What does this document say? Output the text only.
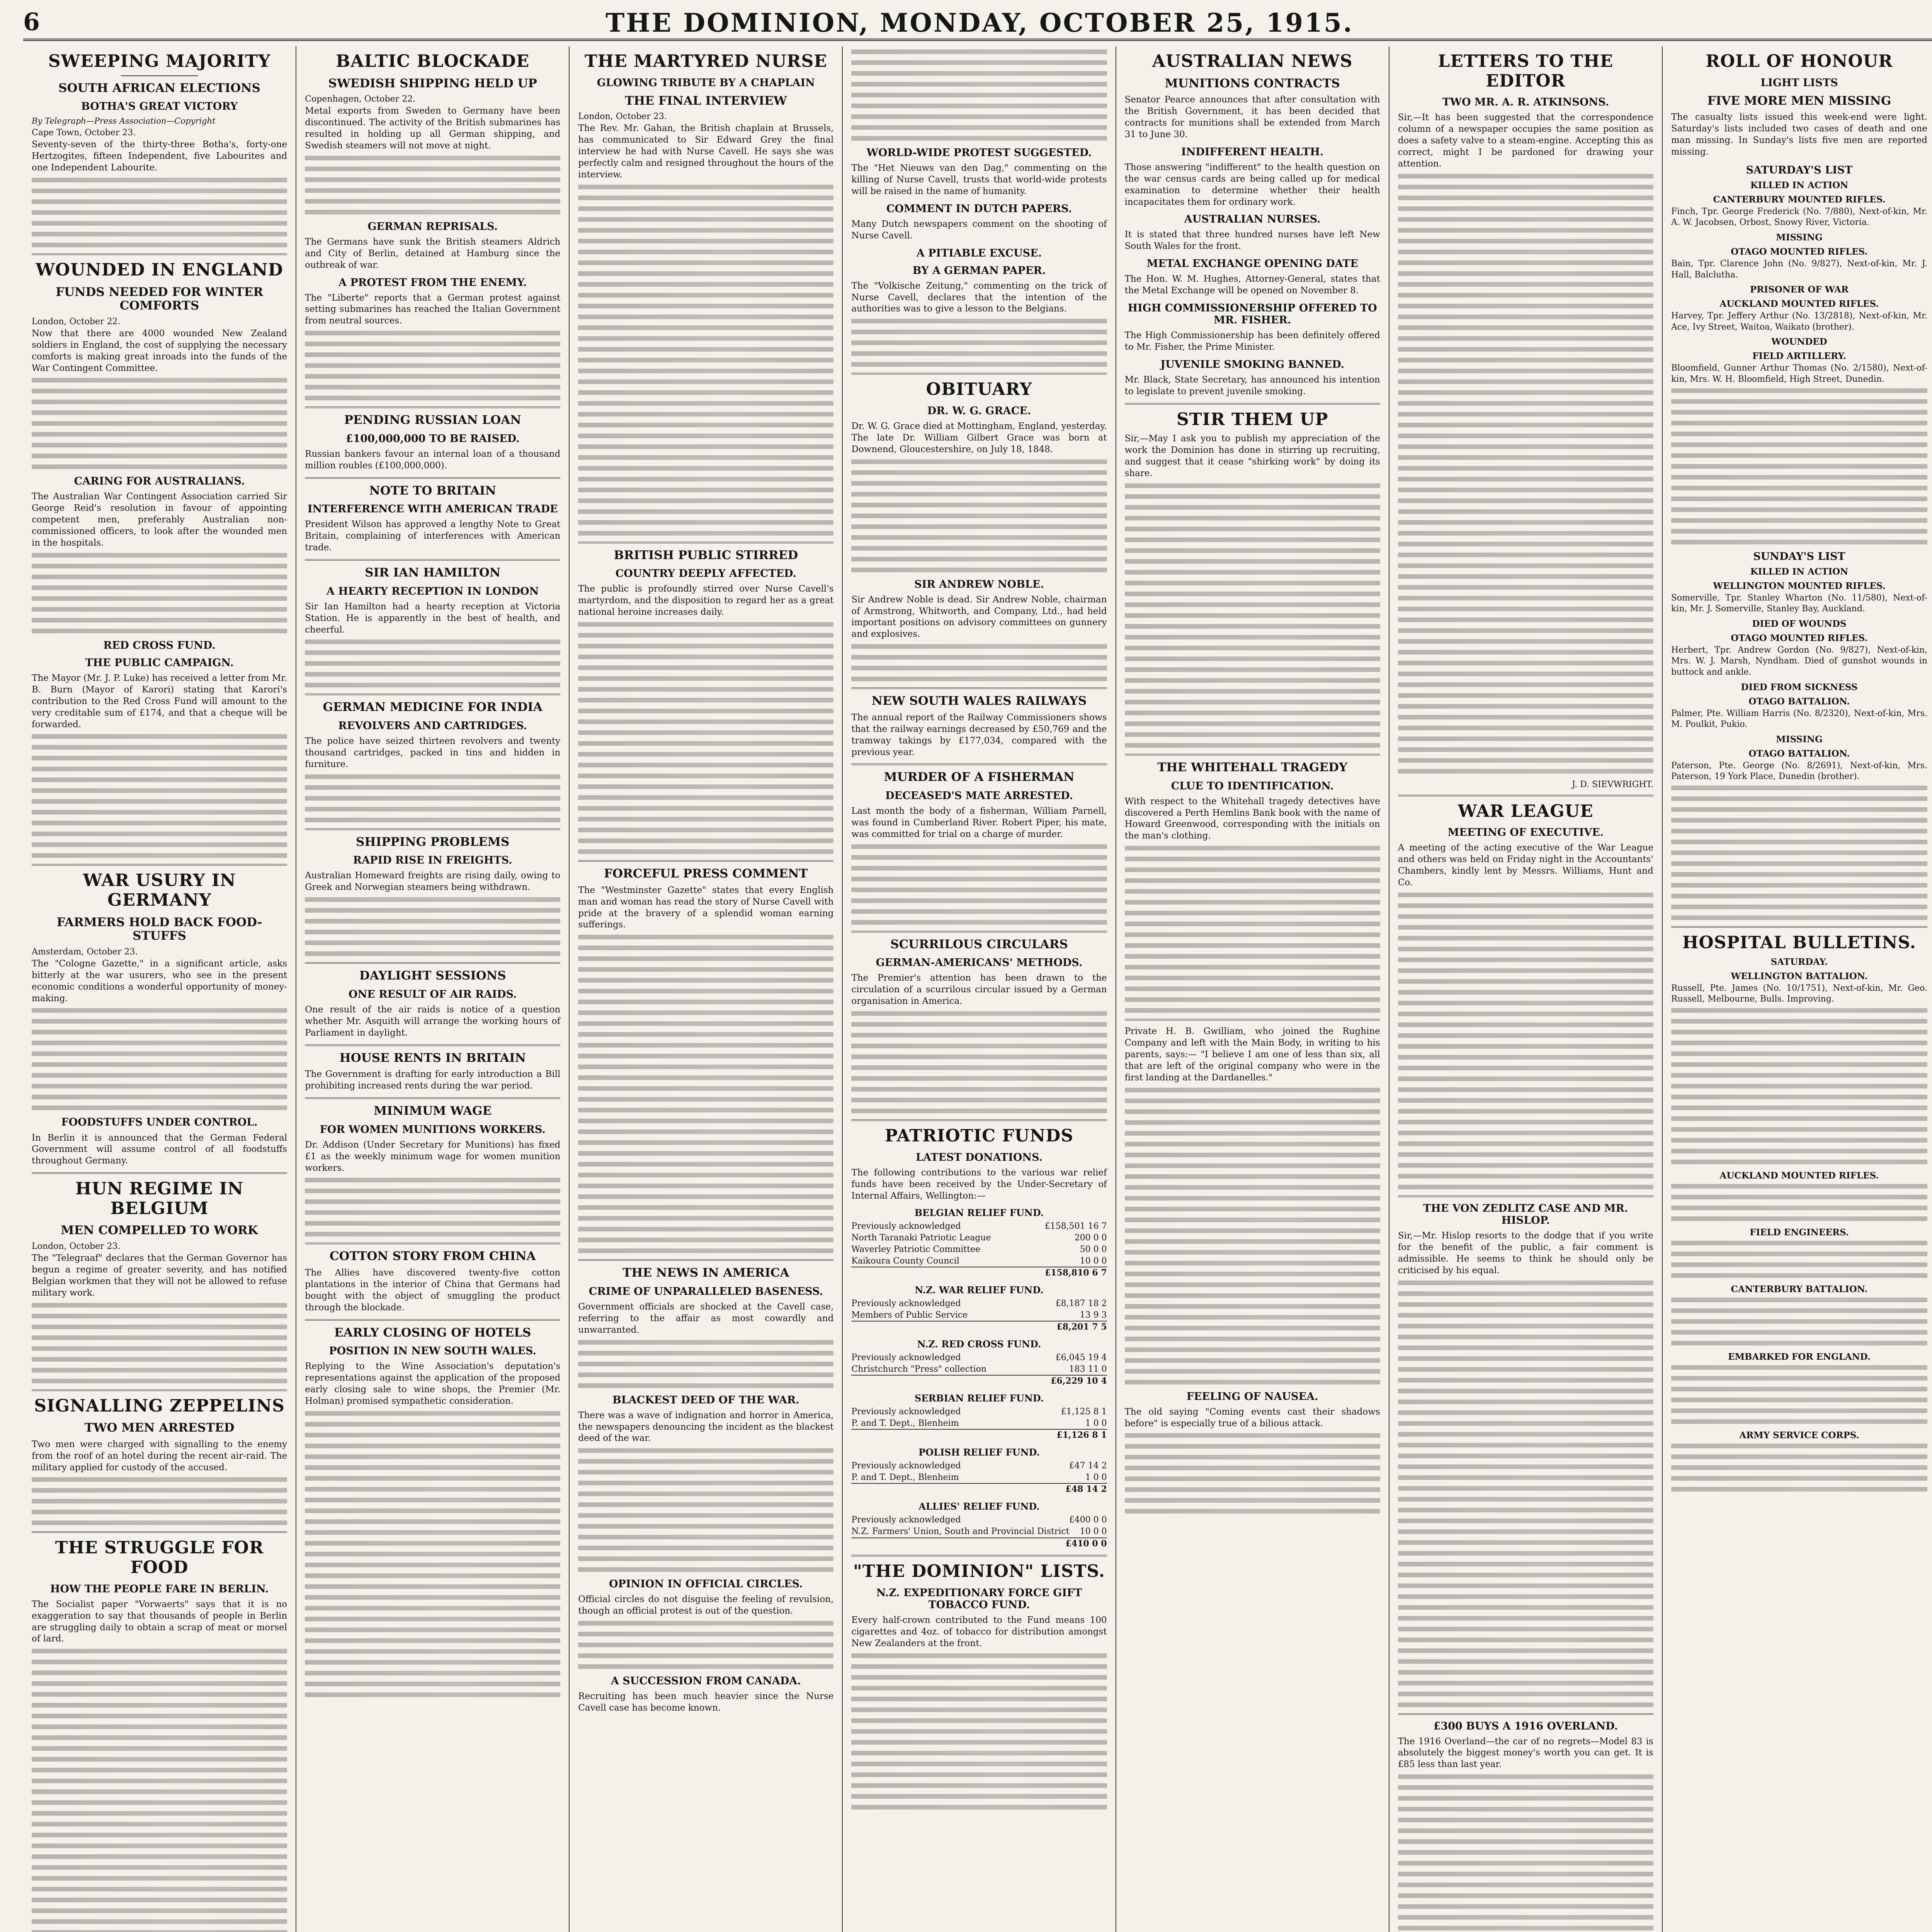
6	THE DOMINION, MONDAY, OCTOBER 25, 1915.
SWEEPING MAJORITY
SOUTH AFRICAN ELECTIONS
BOTHA'S GREAT VICTORY
By Telegraph—Press Association—Copyright
Cape Town, October 23.

Seventy-seven of the thirty-three Botha's, forty-one Hertzogites, fifteen Independent, five Labourites and one Independent Labourite.

WOUNDED IN ENGLAND
FUNDS NEEDED FOR WINTER COMFORTS
London, October 22.

Now that there are 4000 wounded New Zealand soldiers in England, the cost of supplying the necessary comforts is making great inroads into the funds of the War Contingent Committee.

CARING FOR AUSTRALIANS.

The Australian War Contingent Association carried Sir George Reid's resolution in favour of appointing competent men, preferably Australian non-commissioned officers, to look after the wounded men in the hospitals.

RED CROSS FUND.
THE PUBLIC CAMPAIGN.

The Mayor (Mr. J. P. Luke) has received a letter from Mr. B. Burn (Mayor of Karori) stating that Karori's contribution to the Red Cross Fund will amount to the very creditable sum of £174, and that a cheque will be forwarded.

WAR USURY IN GERMANY
FARMERS HOLD BACK FOOD-STUFFS
Amsterdam, October 23.

The "Cologne Gazette," in a significant article, asks bitterly at the war usurers, who see in the present economic conditions a wonderful opportunity of money-making.

FOODSTUFFS UNDER CONTROL.

In Berlin it is announced that the German Federal Government will assume control of all foodstuffs throughout Germany.

HUN REGIME IN BELGIUM
MEN COMPELLED TO WORK
London, October 23.

The "Telegraaf" declares that the German Governor has begun a regime of greater severity, and has notified Belgian workmen that they will not be allowed to refuse military work.

SIGNALLING ZEPPELINS
TWO MEN ARRESTED

Two men were charged with signalling to the enemy from the roof of an hotel during the recent air-raid. The military applied for custody of the accused.

THE STRUGGLE FOR FOOD
HOW THE PEOPLE FARE IN BERLIN.

The Socialist paper "Vorwaerts" says that it is no exaggeration to say that thousands of people in Berlin are struggling daily to obtain a scrap of meat or morsel of lard.

BALTIC BLOCKADE
SWEDISH SHIPPING HELD UP
Copenhagen, October 22.

Metal exports from Sweden to Germany have been discontinued. The activity of the British submarines has resulted in holding up all German shipping, and Swedish steamers will not move at night.

GERMAN REPRISALS.

The Germans have sunk the British steamers Aldrich and City of Berlin, detained at Hamburg since the outbreak of war.

A PROTEST FROM THE ENEMY.

The "Liberte" reports that a German protest against setting submarines has reached the Italian Government from neutral sources.

PENDING RUSSIAN LOAN
£100,000,000 TO BE RAISED.

Russian bankers favour an internal loan of a thousand million roubles (£100,000,000).

NOTE TO BRITAIN
INTERFERENCE WITH AMERICAN TRADE

President Wilson has approved a lengthy Note to Great Britain, complaining of interferences with American trade.

SIR IAN HAMILTON
A HEARTY RECEPTION IN LONDON

Sir Ian Hamilton had a hearty reception at Victoria Station. He is apparently in the best of health, and cheerful.

GERMAN MEDICINE FOR INDIA
REVOLVERS AND CARTRIDGES.

The police have seized thirteen revolvers and twenty thousand cartridges, packed in tins and hidden in furniture.

SHIPPING PROBLEMS
RAPID RISE IN FREIGHTS.

Australian Homeward freights are rising daily, owing to Greek and Norwegian steamers being withdrawn.

DAYLIGHT SESSIONS
ONE RESULT OF AIR RAIDS.

One result of the air raids is notice of a question whether Mr. Asquith will arrange the working hours of Parliament in daylight.

HOUSE RENTS IN BRITAIN

The Government is drafting for early introduction a Bill prohibiting increased rents during the war period.

MINIMUM WAGE
FOR WOMEN MUNITIONS WORKERS.

Dr. Addison (Under Secretary for Munitions) has fixed £1 as the weekly minimum wage for women munition workers.

COTTON STORY FROM CHINA

The Allies have discovered twenty-five cotton plantations in the interior of China that Germans had bought with the object of smuggling the product through the blockade.

EARLY CLOSING OF HOTELS
POSITION IN NEW SOUTH WALES.

Replying to the Wine Association's deputation's representations against the application of the proposed early closing sale to wine shops, the Premier (Mr. Holman) promised sympathetic consideration.

THE MARTYRED NURSE
GLOWING TRIBUTE BY A CHAPLAIN
THE FINAL INTERVIEW
London, October 23.

The Rev. Mr. Gahan, the British chaplain at Brussels, has communicated to Sir Edward Grey the final interview he had with Nurse Cavell. He says she was perfectly calm and resigned throughout the hours of the interview.

BRITISH PUBLIC STIRRED
COUNTRY DEEPLY AFFECTED.

The public is profoundly stirred over Nurse Cavell's martyrdom, and the disposition to regard her as a great national heroine increases daily.

FORCEFUL PRESS COMMENT

The "Westminster Gazette" states that every English man and woman has read the story of Nurse Cavell with pride at the bravery of a splendid woman earning sufferings.

THE NEWS IN AMERICA
CRIME OF UNPARALLELED BASENESS.

Government officials are shocked at the Cavell case, referring to the affair as most cowardly and unwarranted.

BLACKEST DEED OF THE WAR.

There was a wave of indignation and horror in America, the newspapers denouncing the incident as the blackest deed of the war.

OPINION IN OFFICIAL CIRCLES.

Official circles do not disguise the feeling of revulsion, though an official protest is out of the question.

A SUCCESSION FROM CANADA.

Recruiting has been much heavier since the Nurse Cavell case has become known.

WORLD-WIDE PROTEST SUGGESTED.

The "Het Nieuws van den Dag," commenting on the killing of Nurse Cavell, trusts that world-wide protests will be raised in the name of humanity.

COMMENT IN DUTCH PAPERS.

Many Dutch newspapers comment on the shooting of Nurse Cavell.

A PITIABLE EXCUSE.
BY A GERMAN PAPER.

The "Volkische Zeitung," commenting on the trick of Nurse Cavell, declares that the intention of the authorities was to give a lesson to the Belgians.

OBITUARY
DR. W. G. GRACE.

Dr. W. G. Grace died at Mottingham, England, yesterday. The late Dr. William Gilbert Grace was born at Downend, Gloucestershire, on July 18, 1848.

SIR ANDREW NOBLE.

Sir Andrew Noble is dead. Sir Andrew Noble, chairman of Armstrong, Whitworth, and Company, Ltd., had held important positions on advisory committees on gunnery and explosives.

NEW SOUTH WALES RAILWAYS

The annual report of the Railway Commissioners shows that the railway earnings decreased by £50,769 and the tramway takings by £177,034, compared with the previous year.

MURDER OF A FISHERMAN
DECEASED'S MATE ARRESTED.

Last month the body of a fisherman, William Parnell, was found in Cumberland River. Robert Piper, his mate, was committed for trial on a charge of murder.

SCURRILOUS CIRCULARS
GERMAN-AMERICANS' METHODS.

The Premier's attention has been drawn to the circulation of a scurrilous circular issued by a German organisation in America.

PATRIOTIC FUNDS
LATEST DONATIONS.

The following contributions to the various war relief funds have been received by the Under-Secretary of Internal Affairs, Wellington:—

BELGIAN RELIEF FUND.
Previously acknowledged	£158,501 16 7
North Taranaki Patriotic League	200 0 0
Waverley Patriotic Committee	50 0 0
Kaikoura County Council	10 0 0
£158,810 6 7
N.Z. WAR RELIEF FUND.
Previously acknowledged	£8,187 18 2
Members of Public Service	13 9 3
£8,201 7 5
N.Z. RED CROSS FUND.
Previously acknowledged	£6,045 19 4
Christchurch "Press" collection	183 11 0
£6,229 10 4
SERBIAN RELIEF FUND.
Previously acknowledged	£1,125 8 1
P. and T. Dept., Blenheim	1 0 0
£1,126 8 1
POLISH RELIEF FUND.
Previously acknowledged	£47 14 2
P. and T. Dept., Blenheim	1 0 0
£48 14 2
ALLIES' RELIEF FUND.
Previously acknowledged	£400 0 0
N.Z. Farmers' Union, South and Provincial District 10 0 0
£410 0 0
"THE DOMINION" LISTS.
N.Z. EXPEDITIONARY FORCE GIFT TOBACCO FUND.

Every half-crown contributed to the Fund means 100 cigarettes and 4oz. of tobacco for distribution amongst New Zealanders at the front.

AUSTRALIAN NEWS
MUNITIONS CONTRACTS

Senator Pearce announces that after consultation with the British Government, it has been decided that contracts for munitions shall be extended from March 31 to June 30.

INDIFFERENT HEALTH.

Those answering "indifferent" to the health question on the war census cards are being called up for medical examination to determine whether their health incapacitates them for ordinary work.

AUSTRALIAN NURSES.

It is stated that three hundred nurses have left New South Wales for the front.

METAL EXCHANGE OPENING DATE

The Hon. W. M. Hughes, Attorney-General, states that the Metal Exchange will be opened on November 8.

HIGH COMMISSIONERSHIP OFFERED TO MR. FISHER.

The High Commissionership has been definitely offered to Mr. Fisher, the Prime Minister.

JUVENILE SMOKING BANNED.

Mr. Black, State Secretary, has announced his intention to legislate to prevent juvenile smoking.

STIR THEM UP

Sir,—May I ask you to publish my appreciation of the work the Dominion has done in stirring up recruiting, and suggest that it cease "shirking work" by doing its share.

THE WHITEHALL TRAGEDY
CLUE TO IDENTIFICATION.

With respect to the Whitehall tragedy detectives have discovered a Perth Hemlins Bank book with the name of Howard Greenwood, corresponding with the initials on the man's clothing.

Private H. B. Gwilliam, who joined the Rughine Company and left with the Main Body, in writing to his parents, says:— "I believe I am one of less than six, all that are left of the original company who were in the first landing at the Dardanelles."

FEELING OF NAUSEA.

The old saying "Coming events cast their shadows before" is especially true of a bilious attack.

LETTERS TO THE EDITOR
TWO MR. A. R. ATKINSONS.

Sir,—It has been suggested that the correspondence column of a newspaper occupies the same position as does a safety valve to a steam-engine. Accepting this as correct, might I be pardoned for drawing your attention.

J. D. SIEVWRIGHT.
WAR LEAGUE
MEETING OF EXECUTIVE.

A meeting of the acting executive of the War League and others was held on Friday night in the Accountants' Chambers, kindly lent by Messrs. Williams, Hunt and Co.

THE VON ZEDLITZ CASE AND MR. HISLOP.

Sir,—Mr. Hislop resorts to the dodge that if you write for the benefit of the public, a fair comment is admissible. He seems to think he should only be criticised by his equal.

£300 BUYS A 1916 OVERLAND.

The 1916 Overland—the car of no regrets—Model 83 is absolutely the biggest money's worth you can get. It is £85 less than last year.

ROLL OF HONOUR
LIGHT LISTS
FIVE MORE MEN MISSING

The casualty lists issued this week-end were light. Saturday's lists included two cases of death and one man missing. In Sunday's lists five men are reported missing.

SATURDAY'S LIST
KILLED IN ACTION
CANTERBURY MOUNTED RIFLES.

Finch, Tpr. George Frederick (No. 7/880), Next-of-kin, Mr. A. W. Jacobsen, Orbost, Snowy River, Victoria.

MISSING
OTAGO MOUNTED RIFLES.

Bain, Tpr. Clarence John (No. 9/827), Next-of-kin, Mr. J. Hall, Balclutha.

PRISONER OF WAR
AUCKLAND MOUNTED RIFLES.

Harvey, Tpr. Jeffery Arthur (No. 13/2818), Next-of-kin, Mr. Ace, Ivy Street, Waitoa, Waikato (brother).

WOUNDED
FIELD ARTILLERY.

Bloomfield, Gunner Arthur Thomas (No. 2/1580), Next-of-kin, Mrs. W. H. Bloomfield, High Street, Dunedin.

SUNDAY'S LIST
KILLED IN ACTION
WELLINGTON MOUNTED RIFLES.

Somerville, Tpr. Stanley Wharton (No. 11/580), Next-of-kin, Mr. J. Somerville, Stanley Bay, Auckland.

DIED OF WOUNDS
OTAGO MOUNTED RIFLES.

Herbert, Tpr. Andrew Gordon (No. 9/827), Next-of-kin, Mrs. W. J. Marsh, Nyndham. Died of gunshot wounds in buttock and ankle.

DIED FROM SICKNESS
OTAGO BATTALION.

Palmer, Pte. William Harris (No. 8/2320), Next-of-kin, Mrs. M. Poulkit, Pukio.

MISSING
OTAGO BATTALION.

Paterson, Pte. George (No. 8/2691), Next-of-kin, Mrs. Paterson, 19 York Place, Dunedin (brother).

HOSPITAL BULLETINS.
SATURDAY.
WELLINGTON BATTALION.

Russell, Pte. James (No. 10/1751), Next-of-kin, Mr. Geo. Russell, Melbourne, Bulls. Improving.

AUCKLAND MOUNTED RIFLES.
FIELD ENGINEERS.
CANTERBURY BATTALION.
EMBARKED FOR ENGLAND.
ARMY SERVICE CORPS.
